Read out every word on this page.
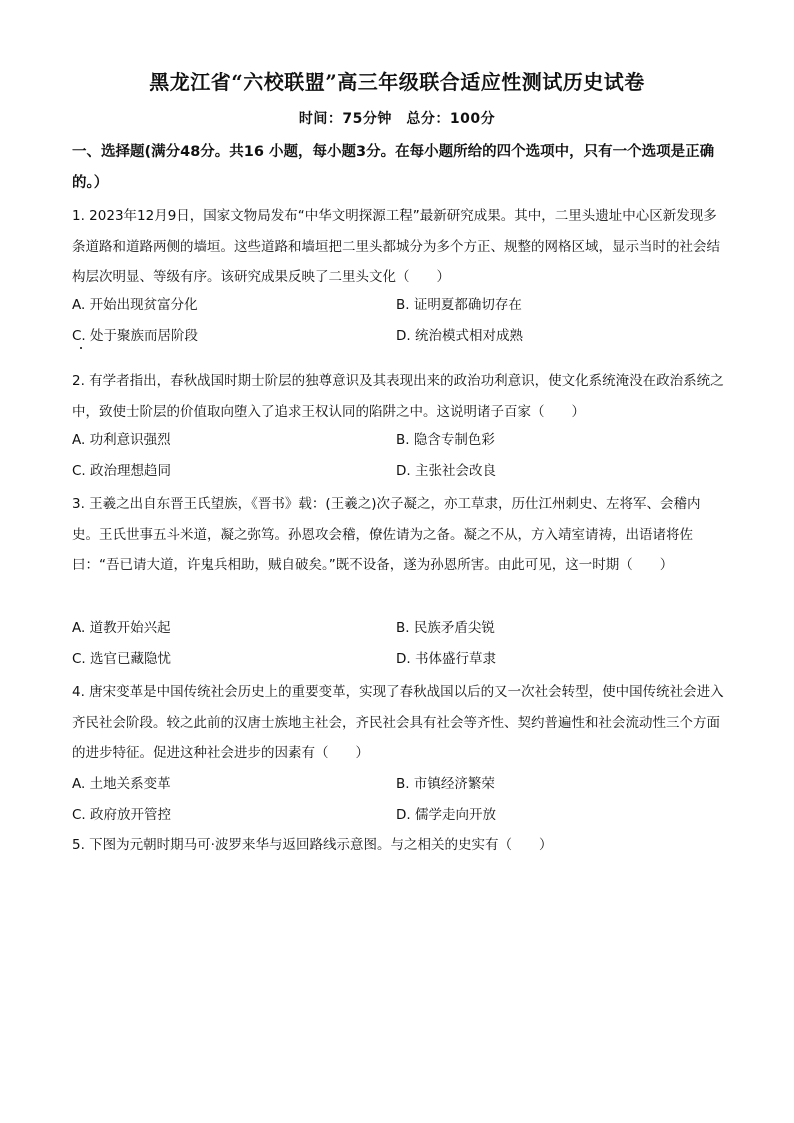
黑龙江省“六校联盟”高三年级联合适应性测试历史试卷
时间：75分钟　总分：100分
一、选择题(满分48分。共16 小题，每小题3分。在每小题所给的四个选项中，只有一个选项是正确的。）
1. 2023年12月9日，国家文物局发布“中华文明探源工程”最新研究成果。其中，二里头遗址中心区新发现多条道路和道路两侧的墙垣。这些道路和墙垣把二里头都城分为多个方正、规整的网格区域，显示当时的社会结构层次明显、等级有序。该研究成果反映了二里头文化（　　）
A. 开始出现贫富分化	B. 证明夏都确切存在
C. 处于聚族而居阶段	D. 统治模式相对成熟
2. 有学者指出，春秋战国时期士阶层的独尊意识及其表现出来的政治功利意识，使文化系统淹没在政治系统之中，致使士阶层的价值取向堕入了追求王权认同的陷阱之中。这说明诸子百家（　　）
A. 功利意识强烈	B. 隐含专制色彩
C. 政治理想趋同	D. 主张社会改良
3. 王羲之出自东晋王氏望族，《晋书》载：(王羲之)次子凝之，亦工草隶，历仕江州刺史、左将军、会稽内史。王氏世事五斗米道，凝之弥笃。孙恩攻会稽，僚佐请为之备。凝之不从，方入靖室请祷，出语诸将佐曰：“吾已请大道，许鬼兵相助，贼自破矣。”既不设备，遂为孙恩所害。由此可见，这一时期（　　）
A. 道教开始兴起	B. 民族矛盾尖锐
C. 选官已藏隐忧	D. 书体盛行草隶
4. 唐宋变革是中国传统社会历史上的重要变革，实现了春秋战国以后的又一次社会转型，使中国传统社会进入齐民社会阶段。较之此前的汉唐士族地主社会，齐民社会具有社会等齐性、契约普遍性和社会流动性三个方面的进步特征。促进这种社会进步的因素有（　　）
A. 土地关系变革	B. 市镇经济繁荣
C. 政府放开管控	D. 儒学走向开放
5. 下图为元朝时期马可·波罗来华与返回路线示意图。与之相关的史实有（　　）
